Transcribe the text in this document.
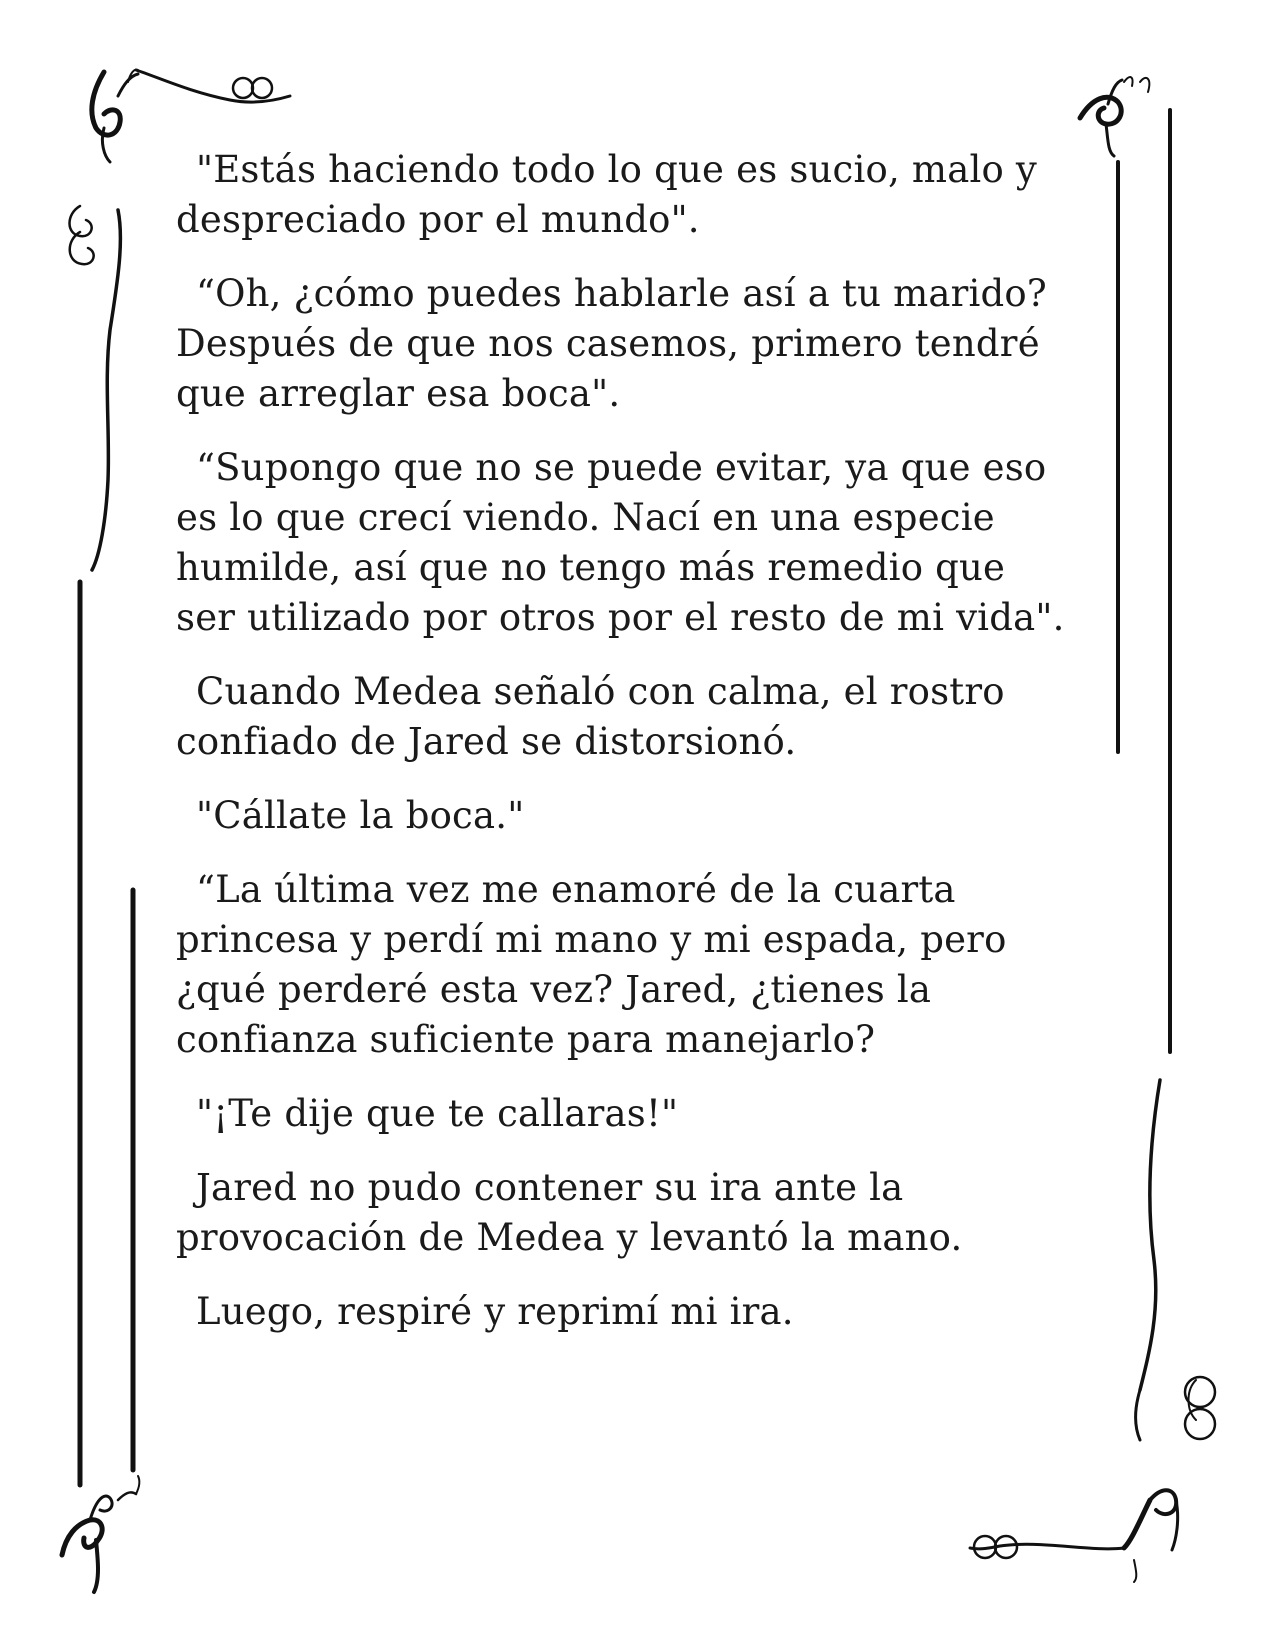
"Estás haciendo todo lo que es sucio, malo y
despreciado por el mundo".

“Oh, ¿cómo puedes hablarle así a tu marido?
Después de que nos casemos, primero tendré
que arreglar esa boca".

“Supongo que no se puede evitar, ya que eso
es lo que crecí viendo. Nací en una especie
humilde, así que no tengo más remedio que
ser utilizado por otros por el resto de mi vida".

Cuando Medea señaló con calma, el rostro
confiado de Jared se distorsionó.

"Cállate la boca."

“La última vez me enamoré de la cuarta
princesa y perdí mi mano y mi espada, pero
¿qué perderé esta vez? Jared, ¿tienes la
confianza suficiente para manejarlo?

"¡Te dije que te callaras!"

Jared no pudo contener su ira ante la
provocación de Medea y levantó la mano.

Luego, respiré y reprimí mi ira.
